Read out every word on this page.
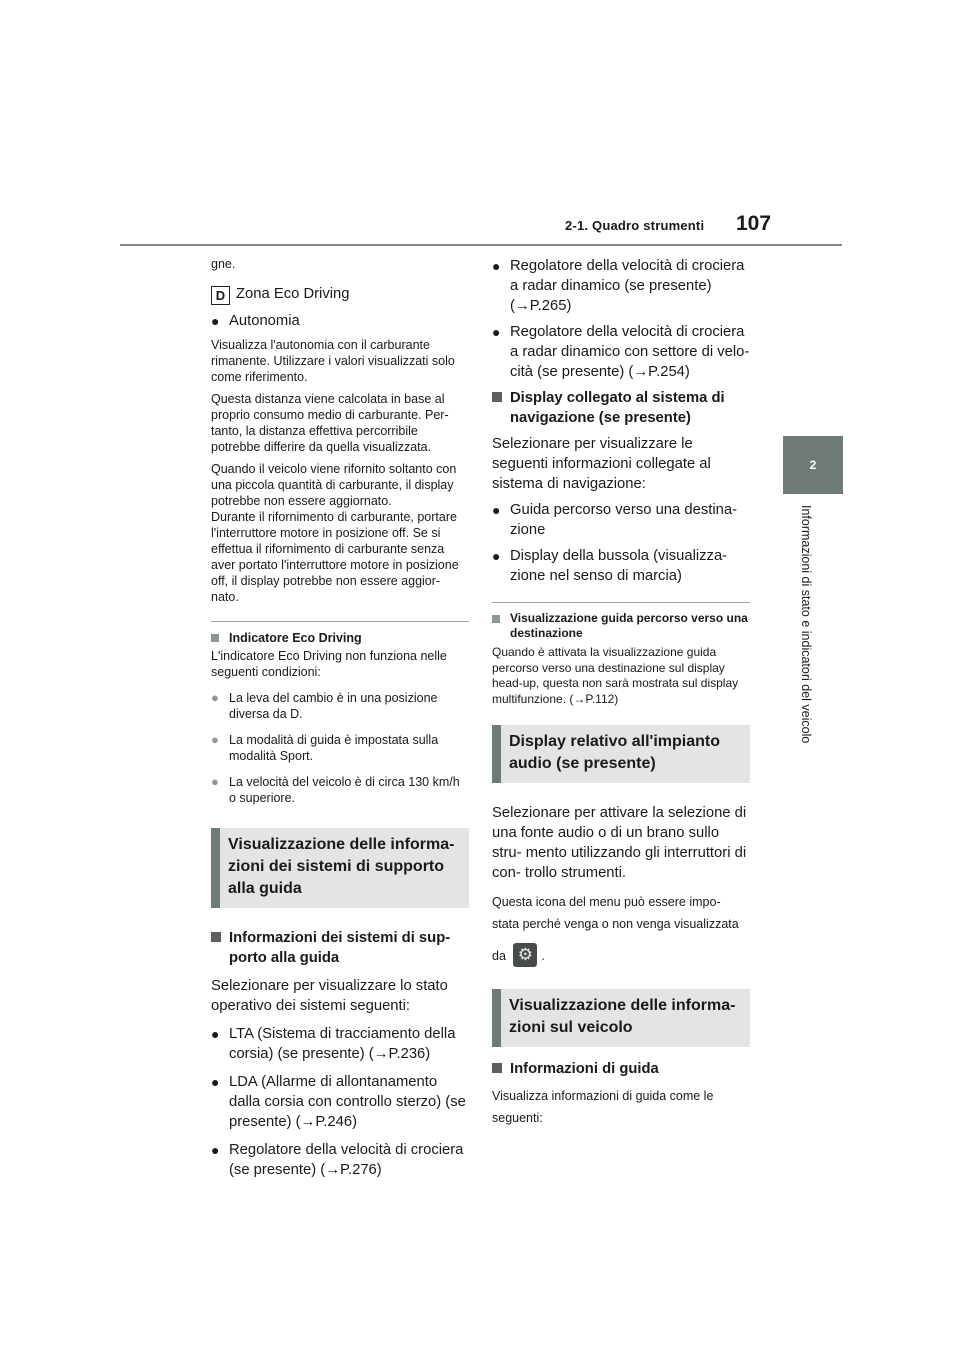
2-1. Quadro strumenti 107
2
Informazioni di stato e indicatori del veicolo

gne.

D Zona Eco Driving

● Autonomia

Visualizza l'autonomia con il carburante rimanente. Utilizzare i valori visualizzati solo come riferimento.

Questa distanza viene calcolata in base al proprio consumo medio di carburante. Per- tanto, la distanza effettiva percorribile potrebbe differire da quella visualizzata.

Quando il veicolo viene rifornito soltanto con una piccola quantità di carburante, il display potrebbe non essere aggiornato.

Durante il rifornimento di carburante, portare l'interruttore motore in posizione off. Se si effettua il rifornimento di carburante senza aver portato l'interruttore motore in posizione off, il display potrebbe non essere aggior- nato.

Indicatore Eco Driving

L'indicatore Eco Driving non funziona nelle seguenti condizioni:

● La leva del cambio è in una posizione diversa da D.

● La modalità di guida è impostata sulla modalità Sport.

● La velocità del veicolo è di circa 130 km/h o superiore.

Visualizzazione delle informa- zioni dei sistemi di supporto alla guida

Informazioni dei sistemi di sup- porto alla guida

Selezionare per visualizzare lo stato operativo dei sistemi seguenti:

● LTA (Sistema di tracciamento della corsia) (se presente) (→P.236)

● LDA (Allarme di allontanamento dalla corsia con controllo sterzo) (se presente) (→P.246)

● Regolatore della velocità di crociera (se presente) (→P.276)

● Regolatore della velocità di crociera a radar dinamico (se presente) (→P.265)

● Regolatore della velocità di crociera a radar dinamico con settore di velo- cità (se presente) (→P.254)

Display collegato al sistema di navigazione (se presente)

Selezionare per visualizzare le seguenti informazioni collegate al sistema di navigazione:

● Guida percorso verso una destina- zione

● Display della bussola (visualizza- zione nel senso di marcia)

Visualizzazione guida percorso verso una destinazione

Quando è attivata la visualizzazione guida percorso verso una destinazione sul display head-up, questa non sarà mostrata sul display multifunzione. (→P.112)

Display relativo all'impianto audio (se presente)

Selezionare per attivare la selezione di una fonte audio o di un brano sullo stru- mento utilizzando gli interruttori di con- trollo strumenti.

Questa icona del menu può essere impo- stata perché venga o non venga visualizzata

da ⚙ .

Visualizzazione delle informa- zioni sul veicolo

Informazioni di guida

Visualizza informazioni di guida come le seguenti:
